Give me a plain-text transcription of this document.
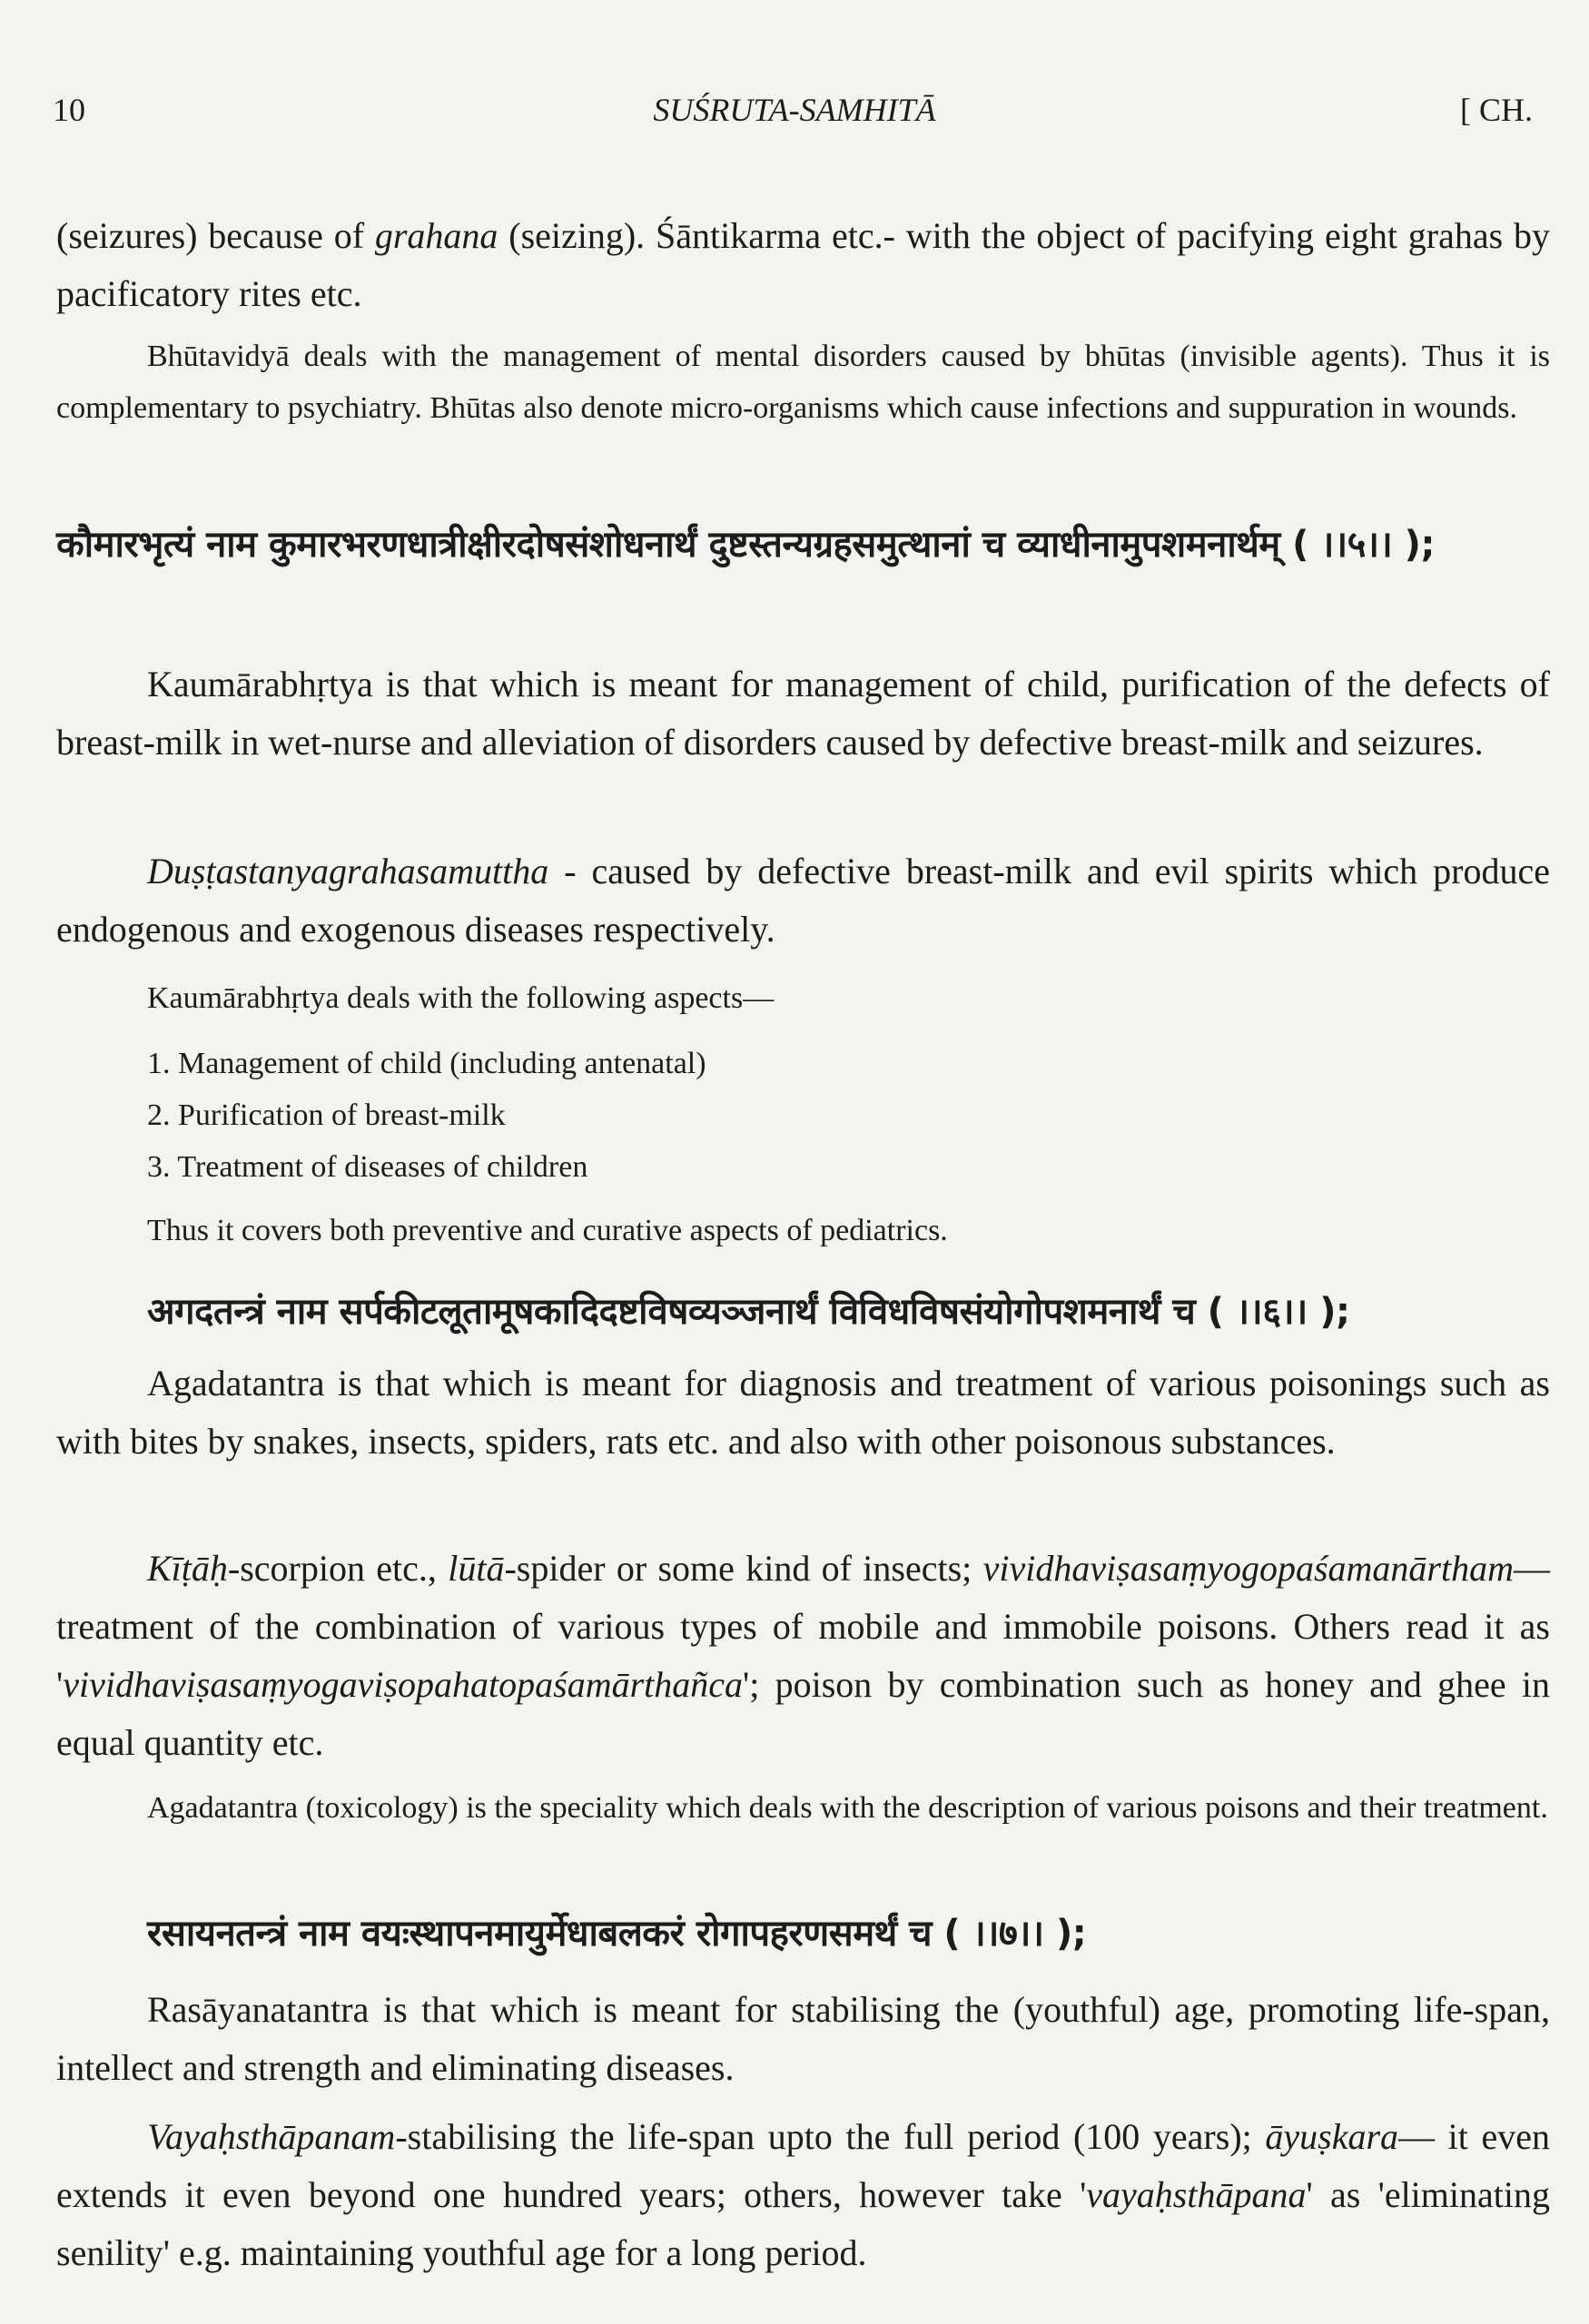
10	SUŚRUTA-SAMHITĀ	[ CH.
(seizures) because of grahana (seizing). Śāntikarma etc.- with the object of pacifying eight grahas by pacificatory rites etc.
Bhūtavidyā deals with the management of mental disorders caused by bhūtas (invisible agents). Thus it is complementary to psychiatry. Bhūtas also denote micro-organisms which cause infections and suppuration in wounds.
कौमारभृत्यं नाम कुमारभरणधात्रीक्षीरदोषसंशोधनार्थं दुष्टस्तन्यग्रहसमुत्थानां च व्याधीनामुपशमनार्थम् ( ।।५।। );
Kaumārabhṛtya is that which is meant for management of child, purification of the defects of breast-milk in wet-nurse and alleviation of disorders caused by defective breast-milk and seizures.
Duṣṭastanyagrahasamuttha - caused by defective breast-milk and evil spirits which produce endogenous and exogenous diseases respectively.
Kaumārabhṛtya deals with the following aspects—
1. Management of child (including antenatal)
2. Purification of breast-milk
3. Treatment of diseases of children
Thus it covers both preventive and curative aspects of pediatrics.
अगदतन्त्रं नाम सर्पकीटलूतामूषकादिदष्टविषव्यञ्जनार्थं विविधविषसंयोगोपशमनार्थं च ( ।।६।। );
Agadatantra is that which is meant for diagnosis and treatment of various poisonings such as with bites by snakes, insects, spiders, rats etc. and also with other poisonous substances.
Kīṭāḥ-scorpion etc., lūtā-spider or some kind of insects; vividhaviṣasaṃyogopaśamanārtham—treatment of the combination of various types of mobile and immobile poisons. Others read it as 'vividhaviṣasaṃyogaviṣopahatopaśamārthañca'; poison by combination such as honey and ghee in equal quantity etc.
Agadatantra (toxicology) is the speciality which deals with the description of various poisons and their treatment.
रसायनतन्त्रं नाम वयःस्थापनमायुर्मेधाबलकरं रोगापहरणसमर्थं च ( ।।७।। );
Rasāyanatantra is that which is meant for stabilising the (youthful) age, promoting life-span, intellect and strength and eliminating diseases.
Vayaḥsthāpanam-stabilising the life-span upto the full period (100 years); āyuṣkara— it even extends it even beyond one hundred years; others, however take 'vayaḥsthāpana' as 'eliminating senility' e.g. maintaining youthful age for a long period.
